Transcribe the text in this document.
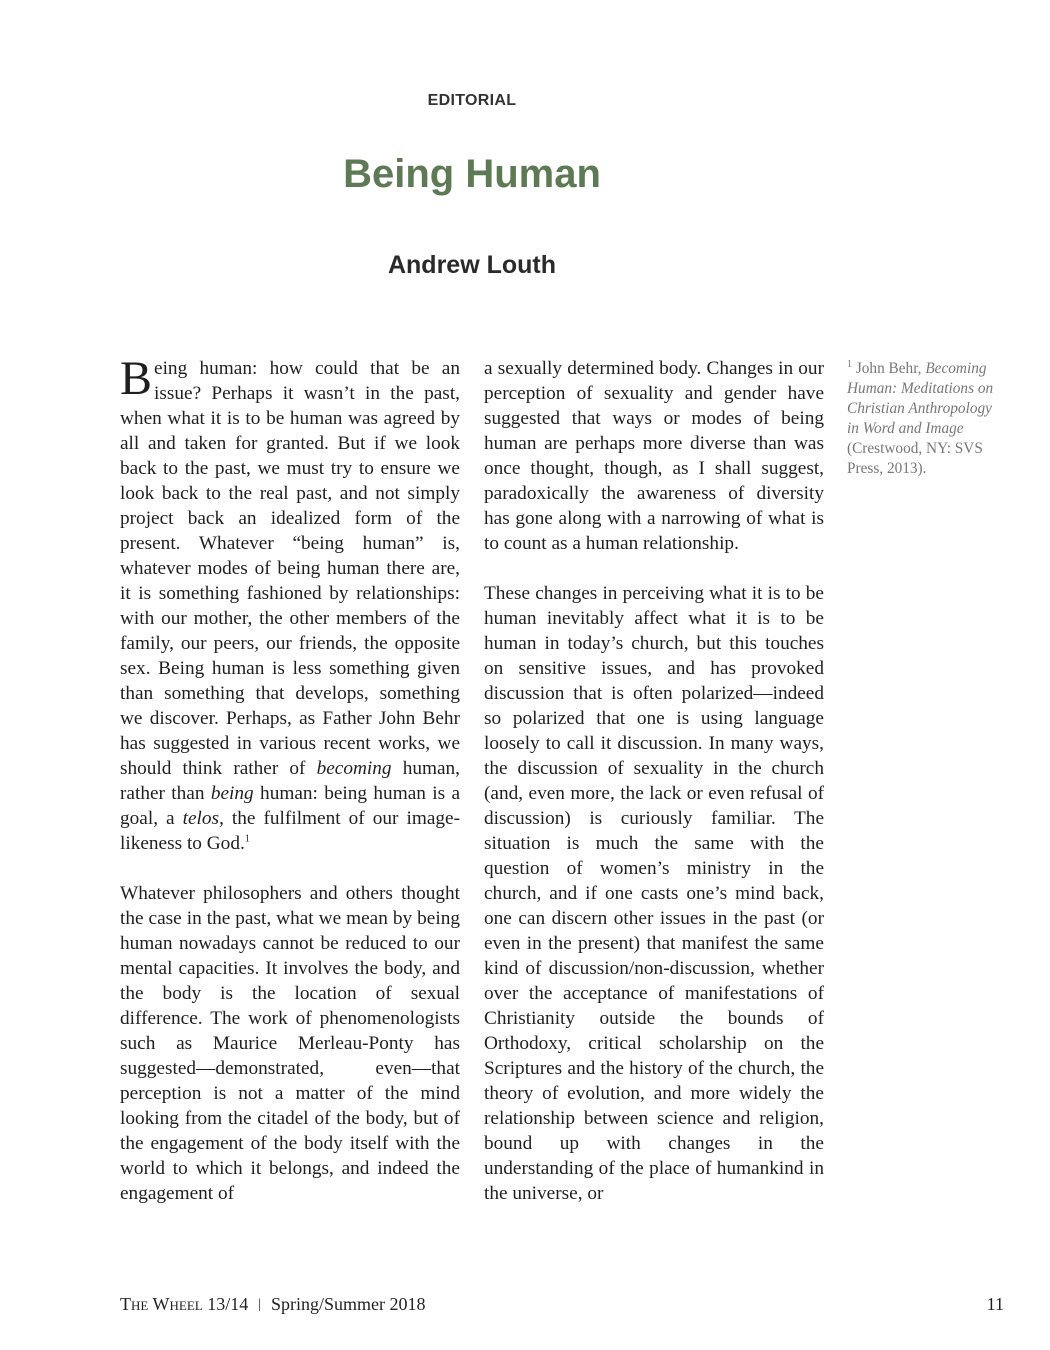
EDITORIAL
Being Human
Andrew Louth

Being human: how could that be an issue? Perhaps it wasn’t in the past, when what it is to be human was agreed by all and taken for granted. But if we look back to the past, we must try to ensure we look back to the real past, and not simply project back an idealized form of the present. Whatever “being human” is, whatever modes of being human there are, it is something fashioned by relationships: with our mother, the other members of the family, our peers, our friends, the opposite sex. Being human is less something given than something that develops, something we discover. Perhaps, as Father John Behr has suggested in various recent works, we should think rather of becoming human, rather than being human: being human is a goal, a telos, the fulfilment of our image-likeness to God.$^1$

Whatever philosophers and others thought the case in the past, what we mean by being human nowadays cannot be reduced to our mental capacities. It involves the body, and the body is the location of sexual difference. The work of phenomenologists such as Maurice Merleau-Ponty has suggested—demonstrated, even—that perception is not a matter of the mind looking from the citadel of the body, but of the engagement of the body itself with the world to which it belongs, and indeed the engagement of

a sexually determined body. Changes in our perception of sexuality and gender have suggested that ways or modes of being human are perhaps more diverse than was once thought, though, as I shall suggest, paradoxically the awareness of diversity has gone along with a narrowing of what is to count as a human relationship.

These changes in perceiving what it is to be human inevitably affect what it is to be human in today’s church, but this touches on sensitive issues, and has provoked discussion that is often polarized—indeed so polarized that one is using language loosely to call it discussion. In many ways, the discussion of sexuality in the church (and, even more, the lack or even refusal of discussion) is curiously familiar. The situation is much the same with the question of women’s ministry in the church, and if one casts one’s mind back, one can discern other issues in the past (or even in the present) that manifest the same kind of discussion/non-discussion, whether over the acceptance of manifestations of Christianity outside the bounds of Orthodoxy, critical scholarship on the Scriptures and the history of the church, the theory of evolution, and more widely the relationship between science and religion, bound up with changes in the understanding of the place of humankind in the universe, or

$^1$ John Behr, Becoming Human: Meditations on Christian Anthropology in Word and Image (Crestwood, NY: SVS Press, 2013).
The Wheel 13/14 | Spring/Summer 2018	11
